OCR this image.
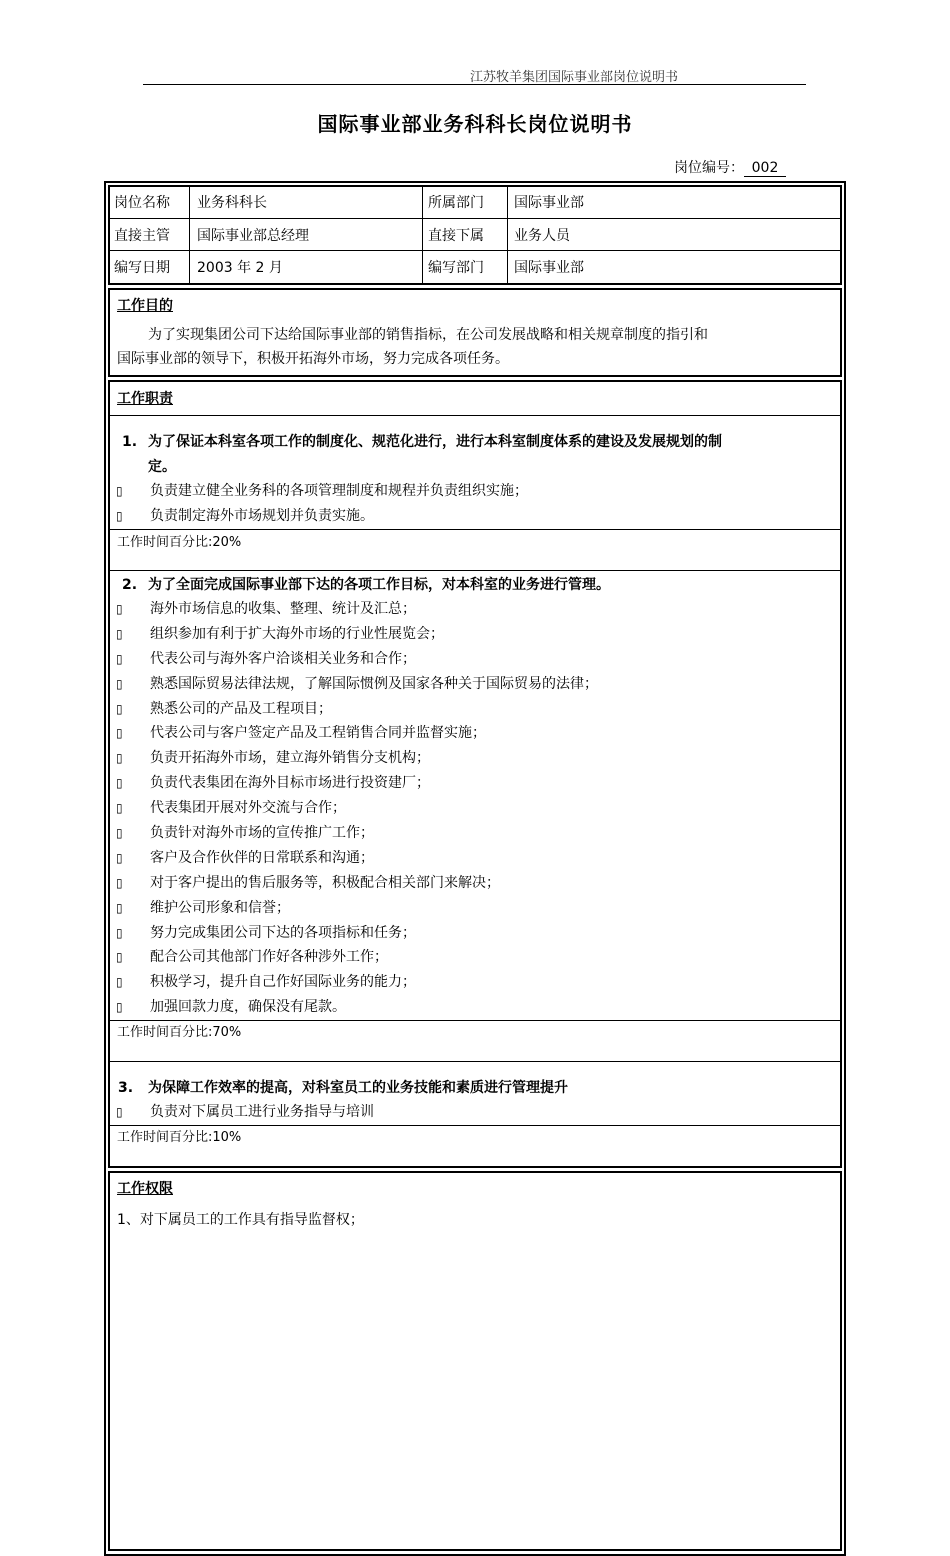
江苏牧羊集团国际事业部岗位说明书
国际事业部业务科科长岗位说明书
岗位编号： 002
岗位名称 业务科科长	所属部门 国际事业部
直接主管 国际事业部总经理	直接下属 业务人员
编写日期 2003 年 2 月	编写部门 国际事业部
工作目的
为了实现集团公司下达给国际事业部的销售指标，在公司发展战略和相关规章制度的指引和
国际事业部的领导下，积极开拓海外市场，努力完成各项任务。
工作职责
1. 为了保证本科室各项工作的制度化、规范化进行，进行本科室制度体系的建设及发展规划的制
定。
▯ 负责建立健全业务科的各项管理制度和规程并负责组织实施；
▯ 负责制定海外市场规划并负责实施。
工作时间百分比:20%
2. 为了全面完成国际事业部下达的各项工作目标，对本科室的业务进行管理。
▯ 海外市场信息的收集、整理、统计及汇总；
▯ 组织参加有利于扩大海外市场的行业性展览会；
▯ 代表公司与海外客户洽谈相关业务和合作；
▯ 熟悉国际贸易法律法规，了解国际惯例及国家各种关于国际贸易的法律；
▯ 熟悉公司的产品及工程项目；
▯ 代表公司与客户签定产品及工程销售合同并监督实施；
▯ 负责开拓海外市场，建立海外销售分支机构；
▯ 负责代表集团在海外目标市场进行投资建厂；
▯ 代表集团开展对外交流与合作；
▯ 负责针对海外市场的宣传推广工作；
▯ 客户及合作伙伴的日常联系和沟通；
▯ 对于客户提出的售后服务等，积极配合相关部门来解决；
▯ 维护公司形象和信誉；
▯ 努力完成集团公司下达的各项指标和任务；
▯ 配合公司其他部门作好各种涉外工作；
▯ 积极学习，提升自己作好国际业务的能力；
▯ 加强回款力度，确保没有尾款。
工作时间百分比:70%
3. 为保障工作效率的提高，对科室员工的业务技能和素质进行管理提升
▯ 负责对下属员工进行业务指导与培训
工作时间百分比:10%
工作权限
1、对下属员工的工作具有指导监督权；
